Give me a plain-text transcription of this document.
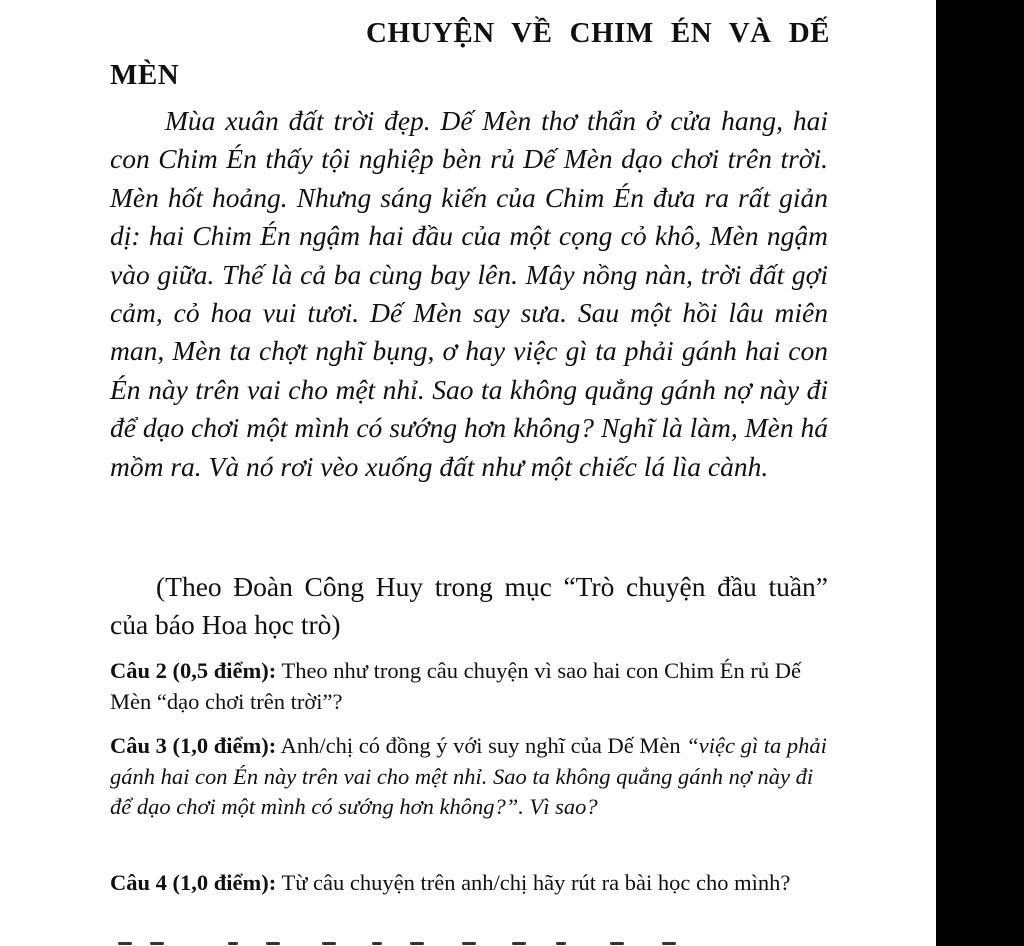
CHUYỆN VỀ CHIM ÉN VÀ DẾ MÈN

Mùa xuân đất trời đẹp. Dế Mèn thơ thẩn ở cửa hang, hai con Chim Én thấy tội nghiệp bèn rủ Dế Mèn dạo chơi trên trời. Mèn hốt hoảng. Nhưng sáng kiến của Chim Én đưa ra rất giản dị: hai Chim Én ngậm hai đầu của một cọng cỏ khô, Mèn ngậm vào giữa. Thế là cả ba cùng bay lên. Mây nồng nàn, trời đất gợi cảm, cỏ hoa vui tươi. Dế Mèn say sưa. Sau một hồi lâu miên man, Mèn ta chợt nghĩ bụng, ơ hay việc gì ta phải gánh hai con Én này trên vai cho mệt nhỉ. Sao ta không quẳng gánh nợ này đi để dạo chơi một mình có sướng hơn không? Nghĩ là làm, Mèn há mồm ra. Và nó rơi vèo xuống đất như một chiếc lá lìa cành.

(Theo Đoàn Công Huy trong mục “Trò chuyện đầu tuần” của báo Hoa học trò)

Câu 2 (0,5 điểm): Theo như trong câu chuyện vì sao hai con Chim Én rủ Dế Mèn “dạo chơi trên trời”?

Câu 3 (1,0 điểm): Anh/chị có đồng ý với suy nghĩ của Dế Mèn “việc gì ta phải gánh hai con Én này trên vai cho mệt nhỉ. Sao ta không quẳng gánh nợ này đi để dạo chơi một mình có sướng hơn không?”. Vì sao?

Câu 4 (1,0 điểm): Từ câu chuyện trên anh/chị hãy rút ra bài học cho mình?
